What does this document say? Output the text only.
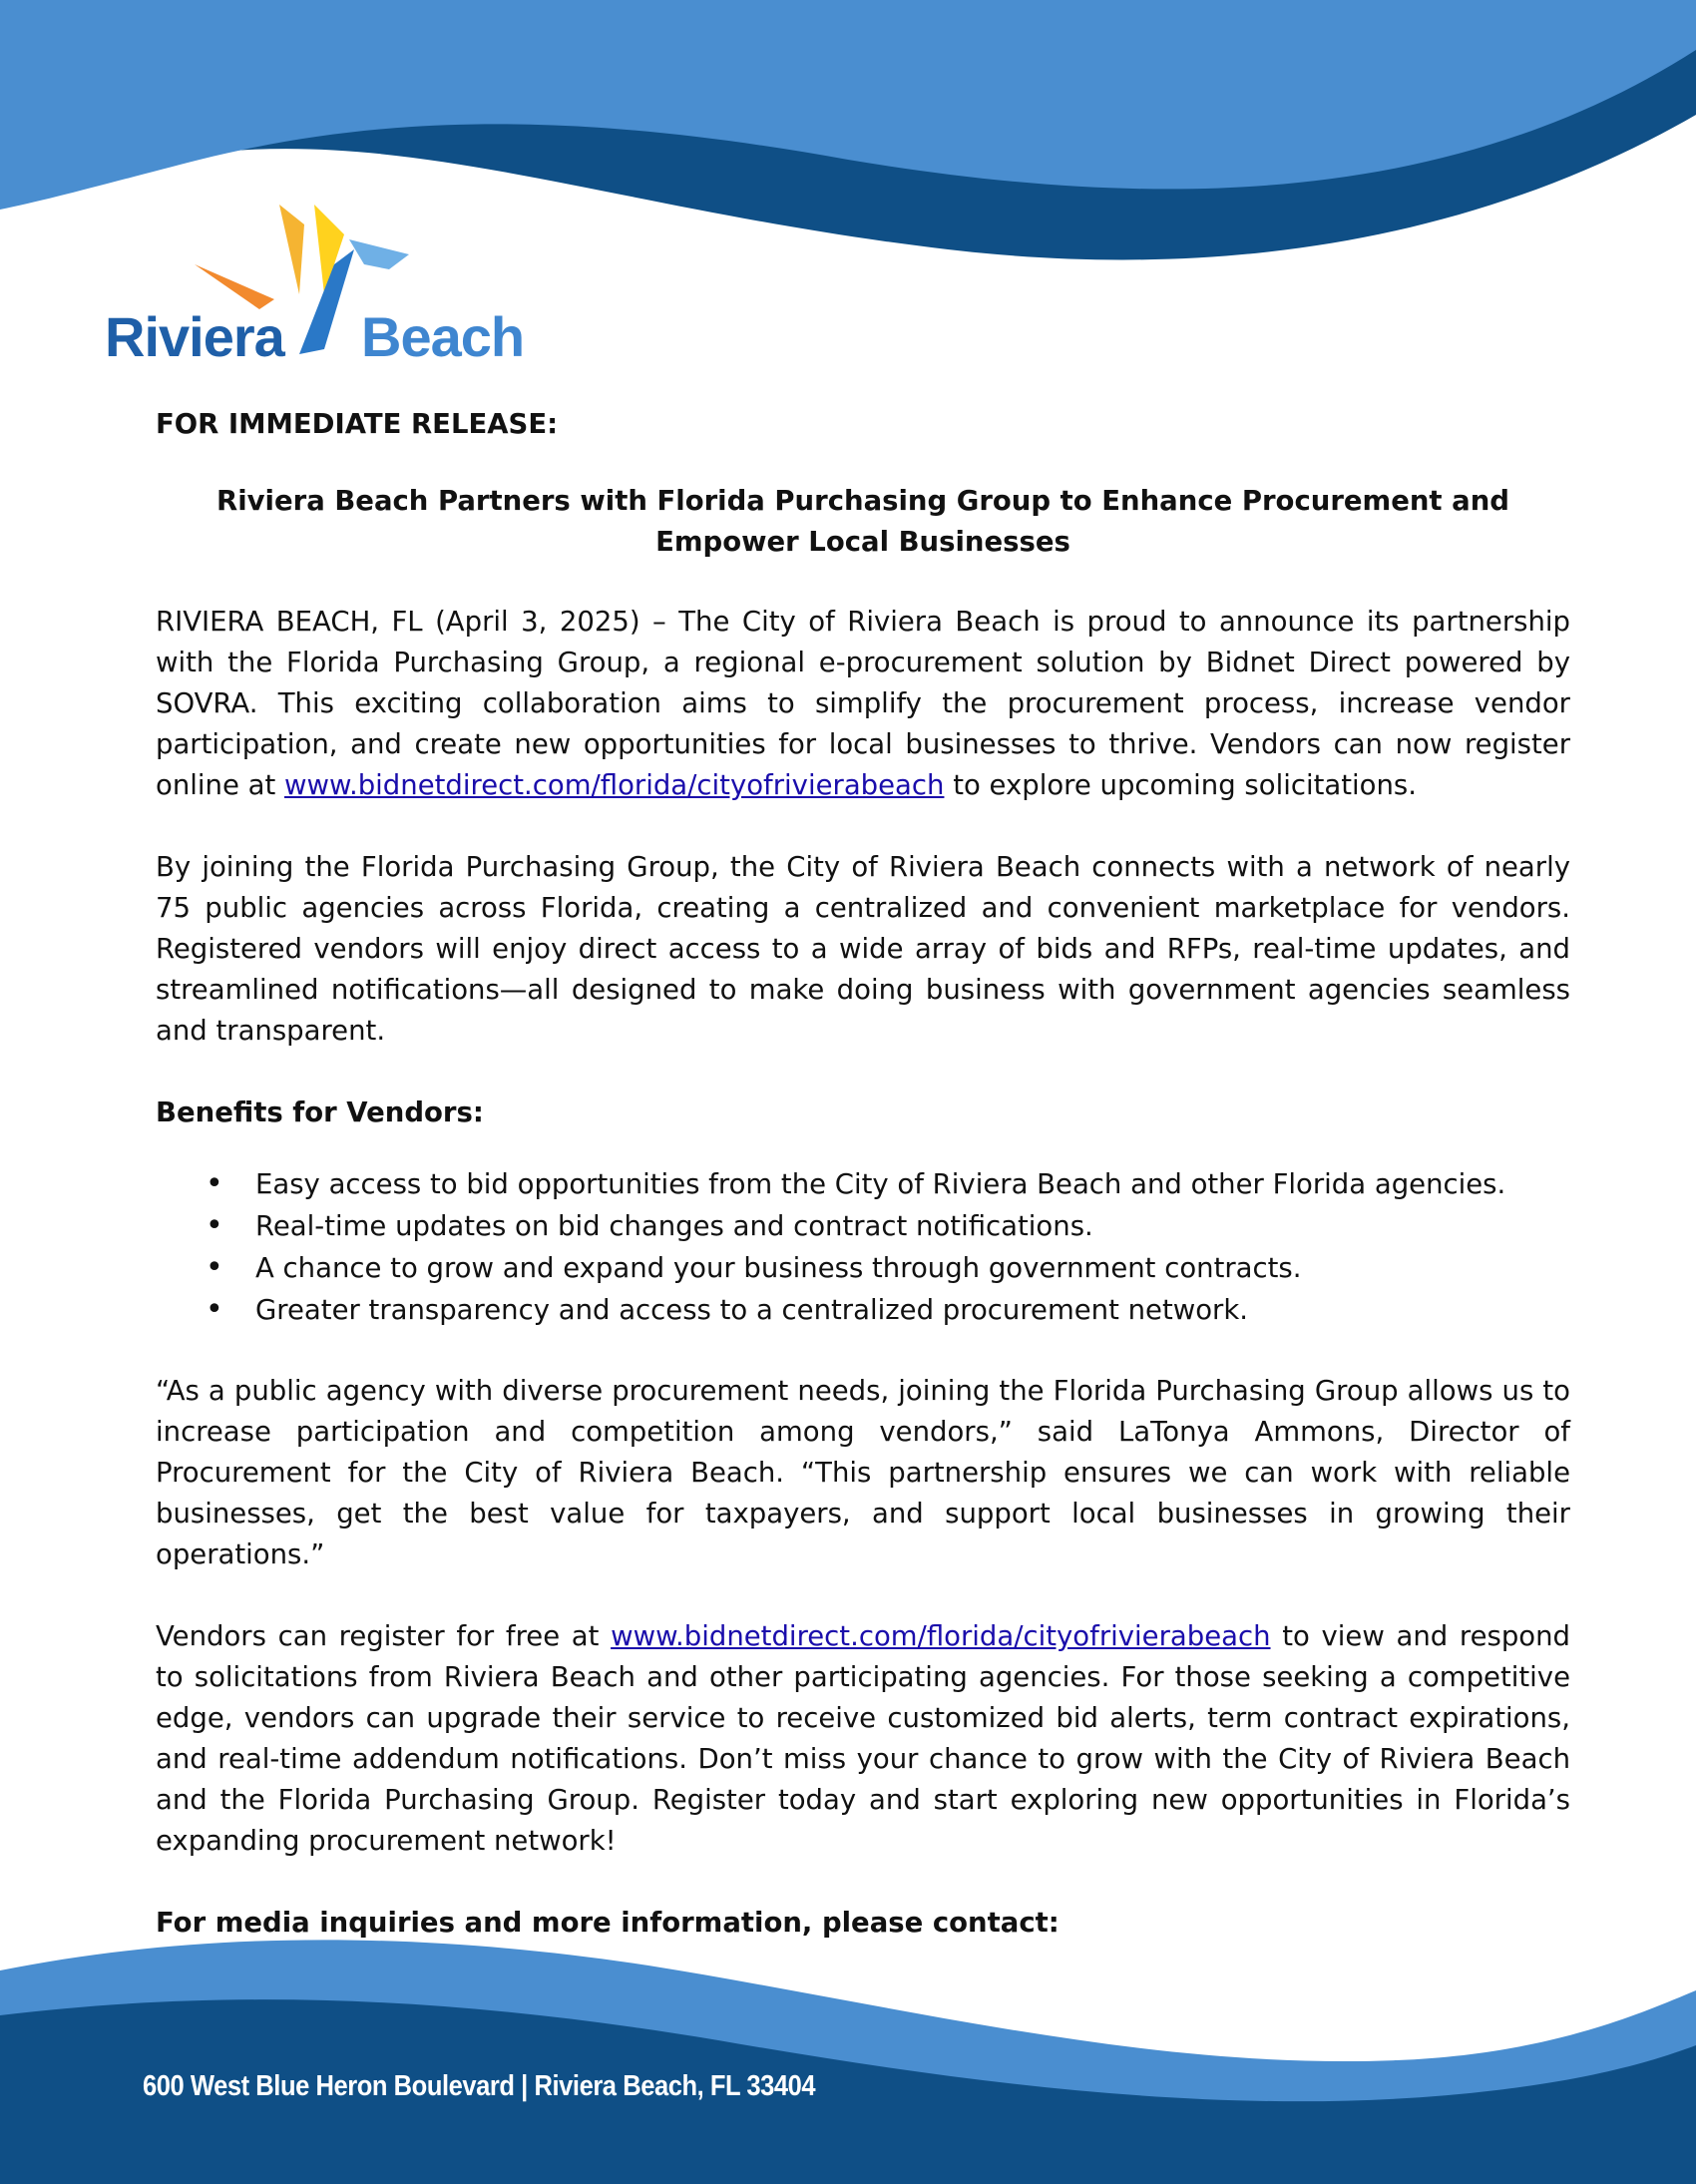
Riviera Beach

FOR IMMEDIATE RELEASE:

Riviera Beach Partners with Florida Purchasing Group to Enhance Procurement and Empower Local Businesses

RIVIERA BEACH, FL (April 3, 2025) – The City of Riviera Beach is proud to announce its partnership with the Florida Purchasing Group, a regional e-procurement solution by Bidnet Direct powered by SOVRA. This exciting collaboration aims to simplify the procurement process, increase vendor participation, and create new opportunities for local businesses to thrive. Vendors can now register online at www.bidnetdirect.com/florida/cityofrivierabeach to explore upcoming solicitations.

By joining the Florida Purchasing Group, the City of Riviera Beach connects with a network of nearly 75 public agencies across Florida, creating a centralized and convenient marketplace for vendors. Registered vendors will enjoy direct access to a wide array of bids and RFPs, real-time updates, and streamlined notifications—all designed to make doing business with government agencies seamless and transparent.

Benefits for Vendors:

• Easy access to bid opportunities from the City of Riviera Beach and other Florida agencies.
• Real-time updates on bid changes and contract notifications.
• A chance to grow and expand your business through government contracts.
• Greater transparency and access to a centralized procurement network.

“As a public agency with diverse procurement needs, joining the Florida Purchasing Group allows us to increase participation and competition among vendors,” said LaTonya Ammons, Director of Procurement for the City of Riviera Beach. “This partnership ensures we can work with reliable businesses, get the best value for taxpayers, and support local businesses in growing their operations.”

Vendors can register for free at www.bidnetdirect.com/florida/cityofrivierabeach to view and respond to solicitations from Riviera Beach and other participating agencies. For those seeking a competitive edge, vendors can upgrade their service to receive customized bid alerts, term contract expirations, and real-time addendum notifications. Don’t miss your chance to grow with the City of Riviera Beach and the Florida Purchasing Group. Register today and start exploring new opportunities in Florida’s expanding procurement network!

For media inquiries and more information, please contact:

600 West Blue Heron Boulevard | Riviera Beach, FL 33404
